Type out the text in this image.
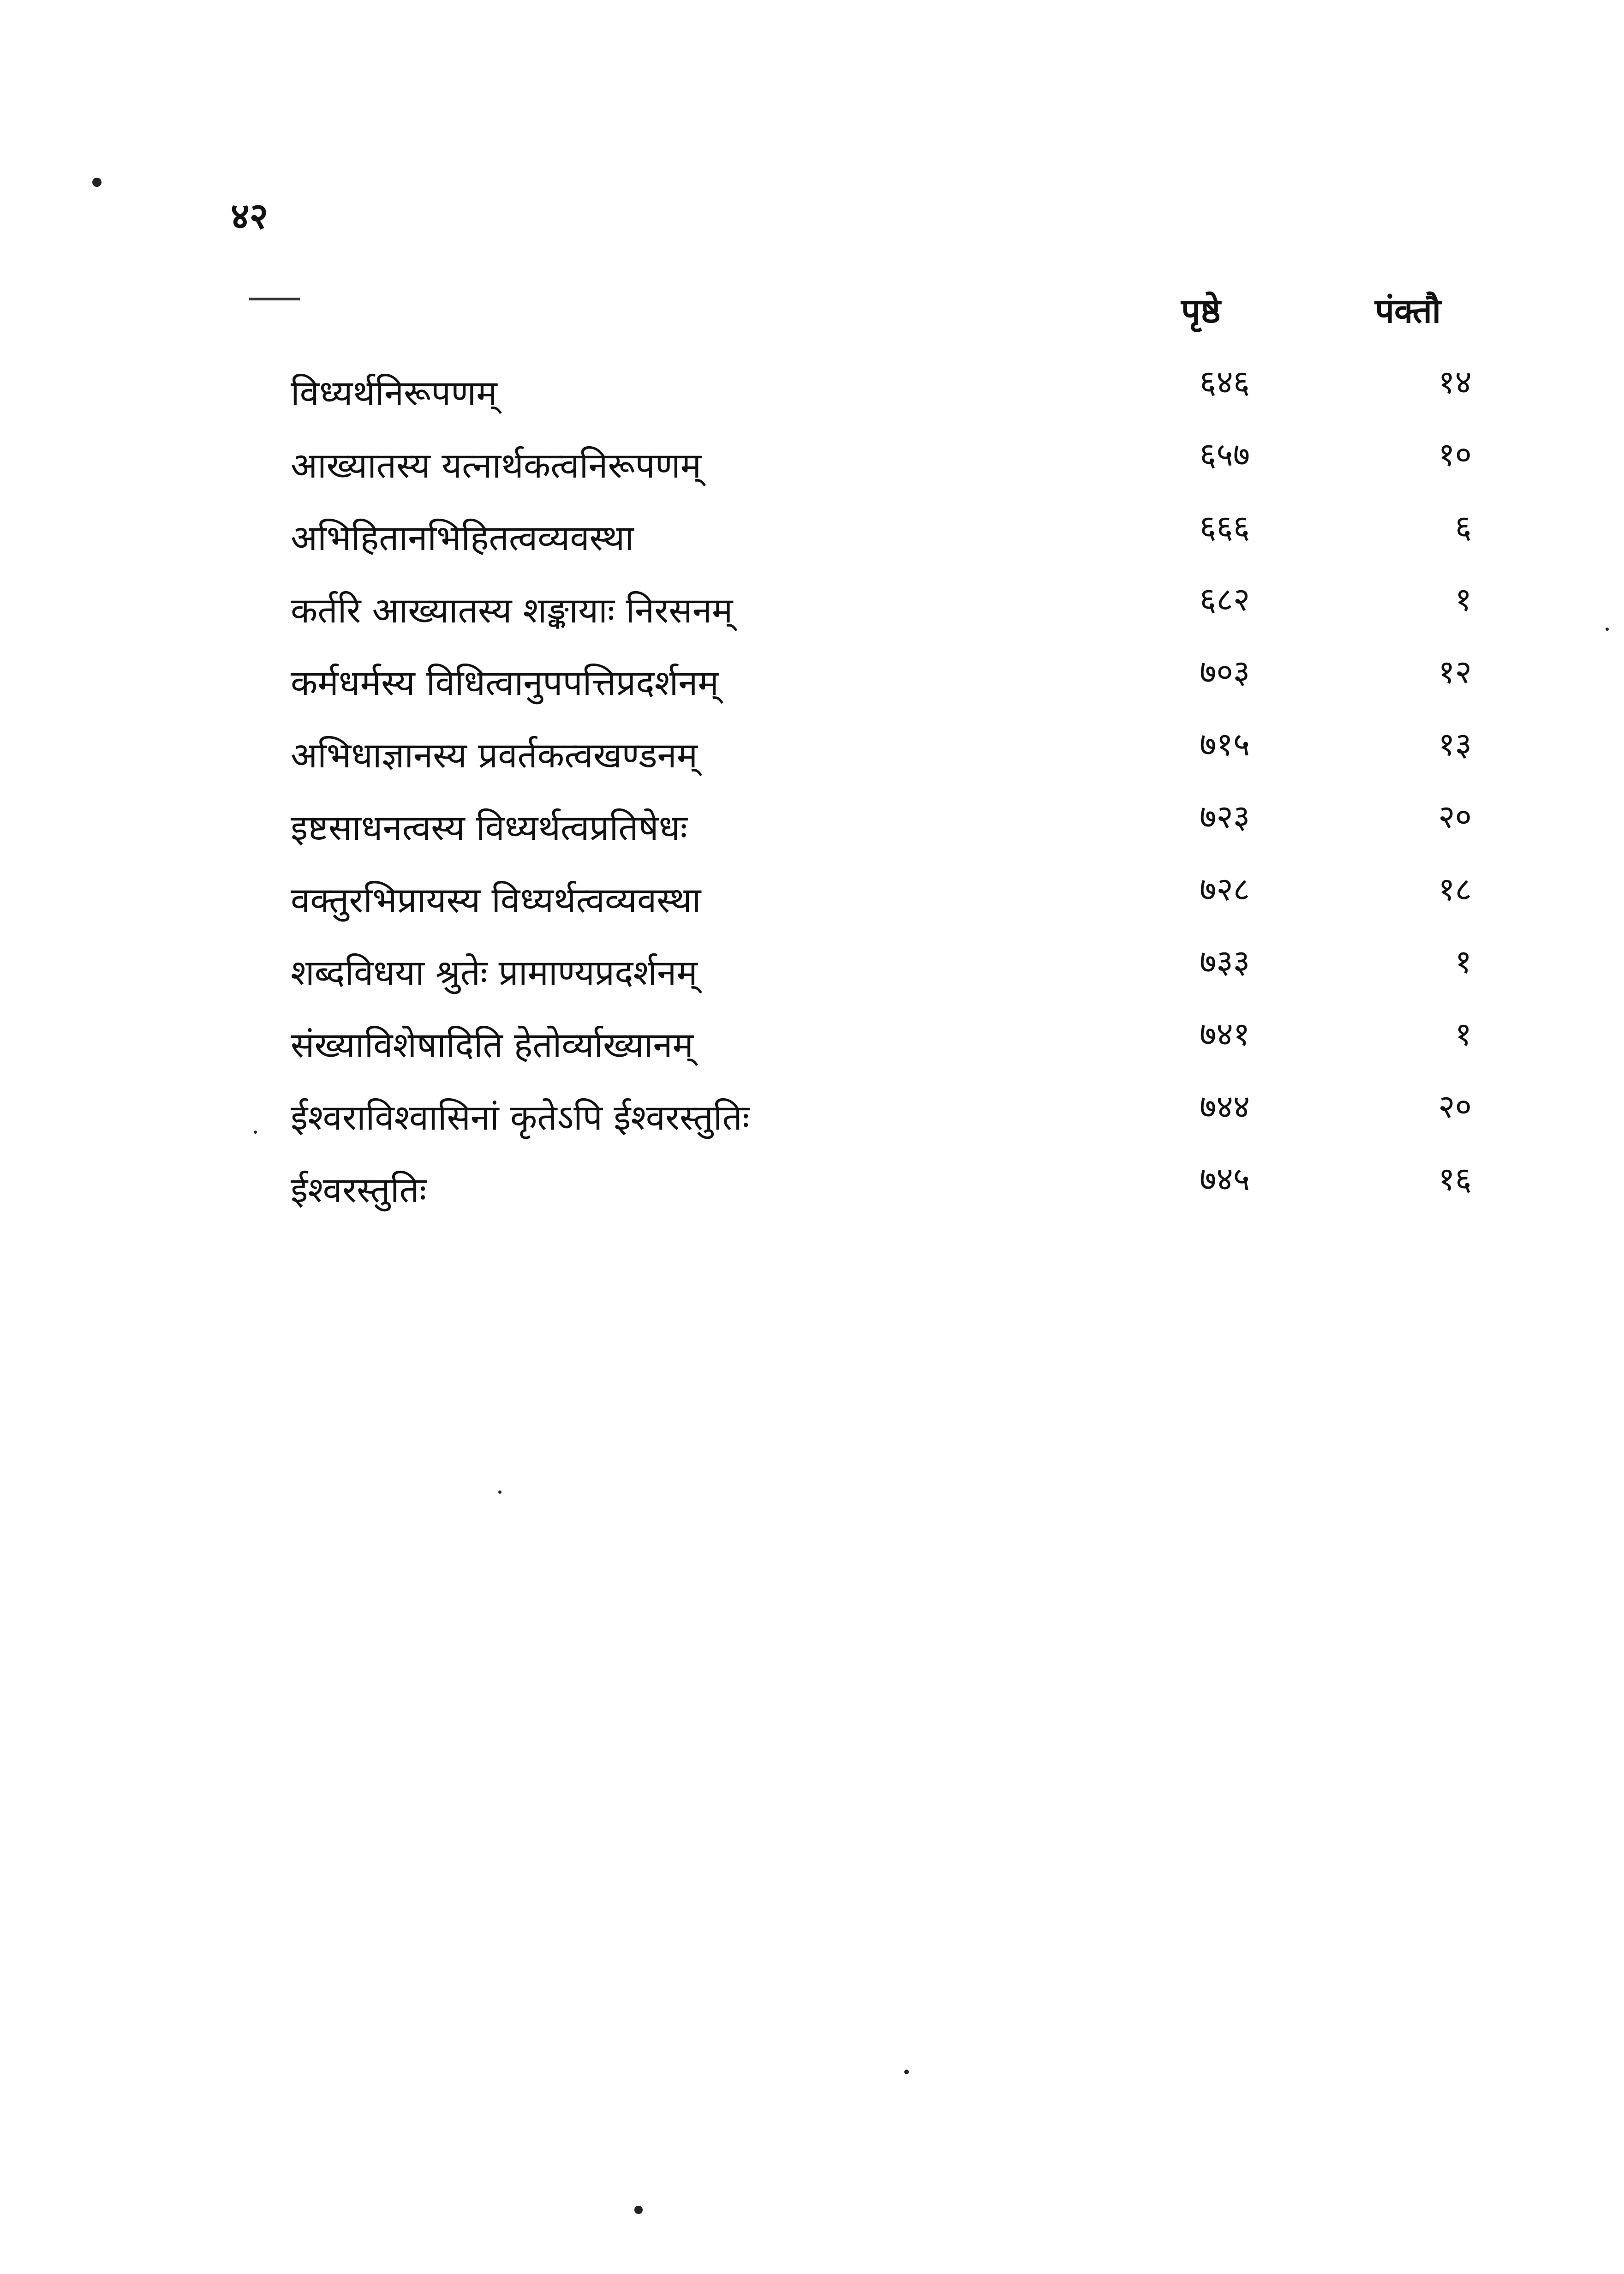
४२
पृष्ठे	पंक्तौ
विध्यर्थनिरूपणम्	६४६	१४
आख्यातस्य यत्नार्थकत्वनिरूपणम्	६५७	१०
अभिहितानभिहितत्वव्यवस्था	६६६	६
कर्तरि आख्यातस्य शङ्कायाः निरसनम्	६८२	१
कर्मधर्मस्य विधित्वानुपपत्तिप्रदर्शनम्	७०३	१२
अभिधाज्ञानस्य प्रवर्तकत्वखण्डनम्	७१५	१३
इष्टसाधनत्वस्य विध्यर्थत्वप्रतिषेधः	७२३	२०
वक्तुरभिप्रायस्य विध्यर्थत्वव्यवस्था	७२८	१८
शब्दविधया श्रुतेः प्रामाण्यप्रदर्शनम्	७३३	१
संख्याविशेषादिति हेतोर्व्याख्यानम्	७४१	१
ईश्वराविश्वासिनां कृतेऽपि ईश्वरस्तुतिः	७४४	२०
ईश्वरस्तुतिः	७४५	१६
